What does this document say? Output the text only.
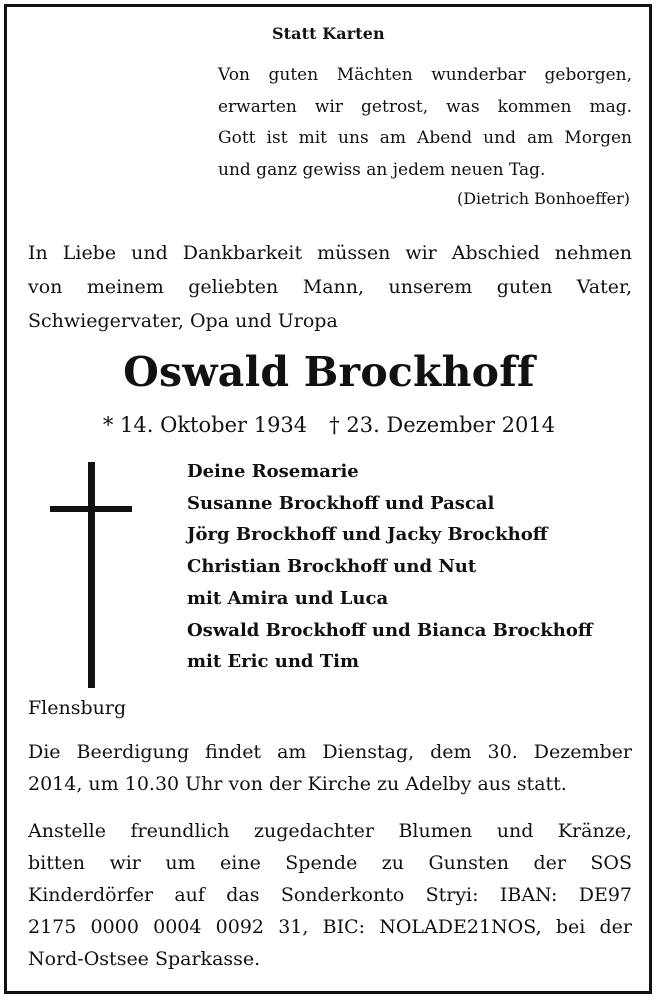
Statt Karten
Von guten Mächten wunderbar geborgen,
erwarten wir getrost, was kommen mag.
Gott ist mit uns am Abend und am Morgen
und ganz gewiss an jedem neuen Tag.
(Dietrich Bonhoeffer)
In Liebe und Dankbarkeit müssen wir Abschied nehmen
von meinem geliebten Mann, unserem guten Vater,
Schwiegervater, Opa und Uropa
Oswald Brockhoff
* 14. Oktober 1934 † 23. Dezember 2014
Deine Rosemarie
Susanne Brockhoff und Pascal
Jörg Brockhoff und Jacky Brockhoff
Christian Brockhoff und Nut
mit Amira und Luca
Oswald Brockhoff und Bianca Brockhoff
mit Eric und Tim
Flensburg
Die Beerdigung findet am Dienstag, dem 30. Dezember
2014, um 10.30 Uhr von der Kirche zu Adelby aus statt.
Anstelle freundlich zugedachter Blumen und Kränze,
bitten wir um eine Spende zu Gunsten der SOS
Kinderdörfer auf das Sonderkonto Stryi: IBAN: DE97
2175 0000 0004 0092 31, BIC: NOLADE21NOS, bei der
Nord-Ostsee Sparkasse.
